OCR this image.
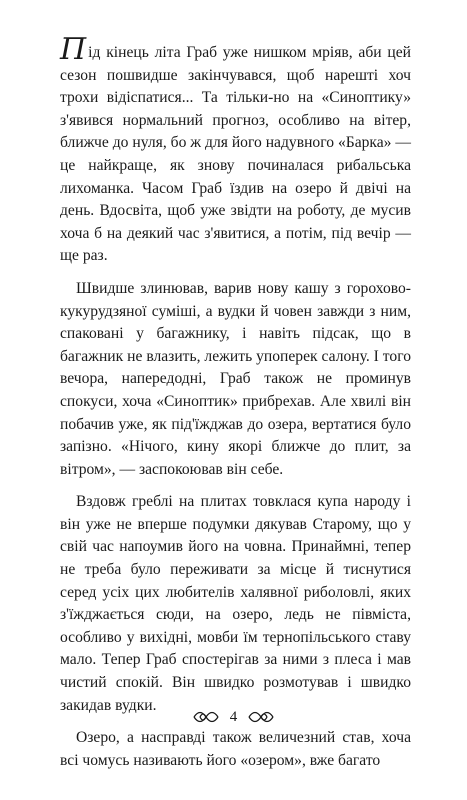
Під кінець літа Граб уже нишком мріяв, аби цей сезон пошвидше закінчувався, щоб нарешті хоч трохи відіспатися... Та тільки-но на «Синоптику» з'явився нормальний прогноз, особливо на вітер, ближче до нуля, бо ж для його надувного «Барка» — це найкраще, як знову починалася рибальська лихоманка. Часом Граб їздив на озеро й двічі на день. Вдосвіта, щоб уже звідти на роботу, де мусив хоча б на деякий час з'явитися, а потім, під вечір — ще раз.

Швидше злинював, варив нову кашу з горохово-кукурудзяної суміші, а вудки й човен завжди з ним, спаковані у багажнику, і навіть підсак, що в багажник не влазить, лежить упоперек салону. І того вечора, напередодні, Граб також не проминув спокуси, хоча «Синоптик» прибрехав. Але хвилі він побачив уже, як під'їжджав до озера, вертатися було запізно. «Нічого, кину якорі ближче до плит, за вітром», — заспокоював він себе.

Вздовж греблі на плитах товклася купа народу і він уже не вперше подумки дякував Старому, що у свій час напоумив його на човна. Принаймні, тепер не треба було переживати за місце й тиснутися серед усіх цих любителів халявної риболовлі, яких з'їжджається сюди, на озеро, ледь не півміста, особливо у вихідні, мовби їм тернопільського ставу мало. Тепер Граб спостерігав за ними з плеса і мав чистий спокій. Він швидко розмотував і швидко закидав вудки.

Озеро, а насправді також величезний став, хоча всі чомусь називають його «озером», вже багато

4
